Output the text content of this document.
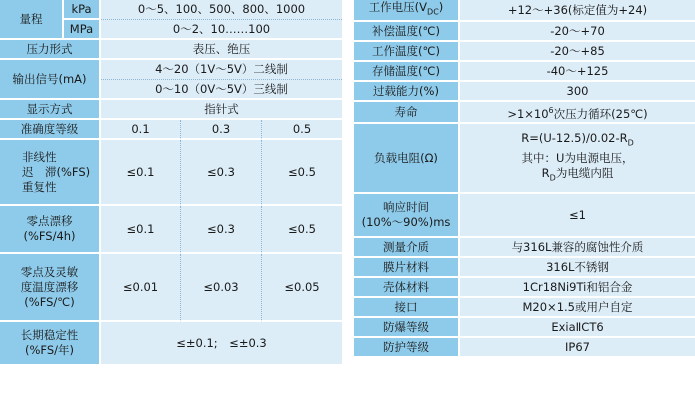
量程	kPa	0～5、100、500、800、1000		
	MPa	0～2、10……100		
压力形式		表压、绝压		
输出信号(mA)		4～20（1V～5V）二线制		
		0～10（0V～5V）三线制		
显示方式		指针式		
准确度等级		0.1	0.3	0.5

非线性
迟　滞(%FS)
重复性		≤0.1	≤0.3	≤0.5

零点漂移
(%FS/4h)		≤0.1	≤0.3	≤0.5

零点及灵敏
度温度漂移
(%FS/℃)		≤0.01	≤0.03	≤0.05

长期稳定性
(%FS/年)		≤±0.1;　≤±0.3		
工作电压$(V_{DC})$	+12～+36(标定值为+24)
补偿温度(℃)	-20～+70
工作温度(℃)	-20～+85
存储温度(℃)	-40～+125
过载能力(%)	300
寿命	$>1\times 10^6$次压力循环(25℃)
负载电阻(Ω)	$R=(U-12.5)/0.02-R_D$
其中：U为电源电压，
$R_D$为电缆内阻

响应时间
(10%～90%)ms	≤1
测量介质	与316L兼容的腐蚀性介质
膜片材料	316L不锈钢
壳体材料	1Cr18Ni9Ti和铝合金
接口	M20×1.5或用户自定
防爆等级	ExiaⅡCT6
防护等级	IP67
